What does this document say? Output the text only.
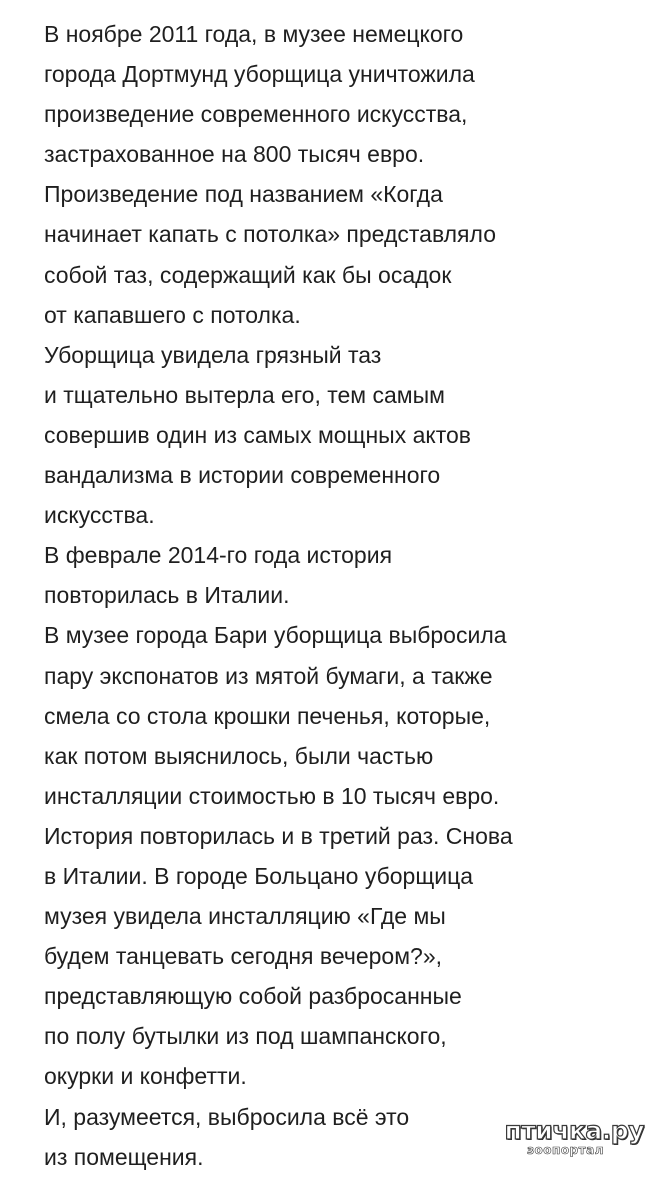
В ноябре 2011 года, в музее немецкого
города Дортмунд уборщица уничтожила
произведение современного искусства,
застрахованное на 800 тысяч евро.
Произведение под названием «Когда
начинает капать с потолка» представляло
собой таз, содержащий как бы осадок
от капавшего с потолка.
Уборщица увидела грязный таз
и тщательно вытерла его, тем самым
совершив один из самых мощных актов
вандализма в истории современного
искусства.
В феврале 2014-го года история
повторилась в Италии.
В музее города Бари уборщица выбросила
пару экспонатов из мятой бумаги, а также
смела со стола крошки печенья, которые,
как потом выяснилось, были частью
инсталляции стоимостью в 10 тысяч евро.
История повторилась и в третий раз. Снова
в Италии. В городе Больцано уборщица
музея увидела инсталляцию «Где мы
будем танцевать сегодня вечером?»,
представляющую собой разбросанные
по полу бутылки из под шампанского,
окурки и конфетти.
И, разумеется, выбросила всё это
из помещения.
птичка.ру
зоопортал
